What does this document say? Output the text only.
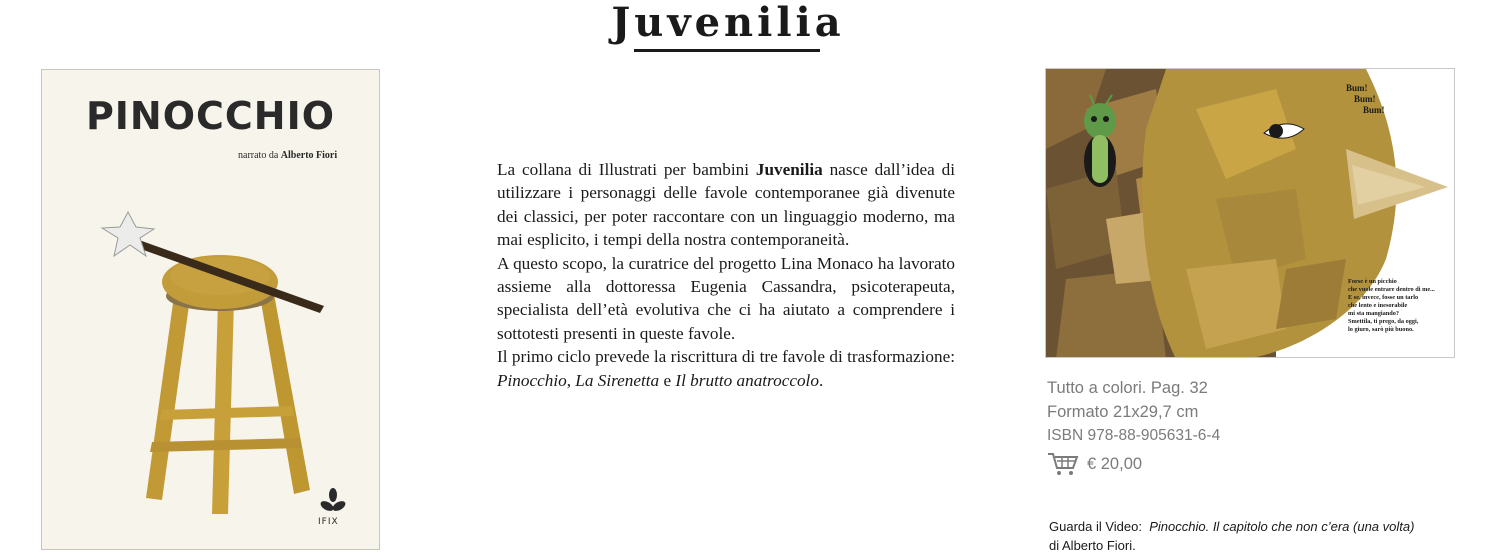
Juvenilia
PINOCCHIO
narrato da Alberto Fiori
IFIX

La collana di Illustrati per bambini Juvenilia nasce dall’idea di utilizzare i personaggi delle favole contemporanee già divenute dei classici, per poter raccontare con un linguaggio moderno, ma mai esplicito, i tempi della nostra contemporaneità.

A questo scopo, la curatrice del progetto Lina Monaco ha lavorato assieme alla dottoressa Eugenia Cassandra, psicoterapeuta, specialista dell’età evolutiva che ci ha aiutato a comprendere i sottotesti presenti in queste favole.

Il primo ciclo prevede la riscrittura di tre favole di trasformazione: Pinocchio, La Sirenetta e Il brutto anatroccolo.

Bum!
Bum!
Bum!
Forse è un picchio
che vuole entrare dentro di me...
E se, invece, fosse un tarlo
che lento e inesorabile
mi sta mangiando?
Smettila, ti prego, da oggi,
lo giuro, sarò più buono.
Tutto a colori. Pag. 32
Formato 21x29,7 cm
ISBN 978-88-905631-6-4
€ 20,00
Guarda il Video: Pinocchio. Il capitolo che non c’era (una volta)
di Alberto Fiori.
